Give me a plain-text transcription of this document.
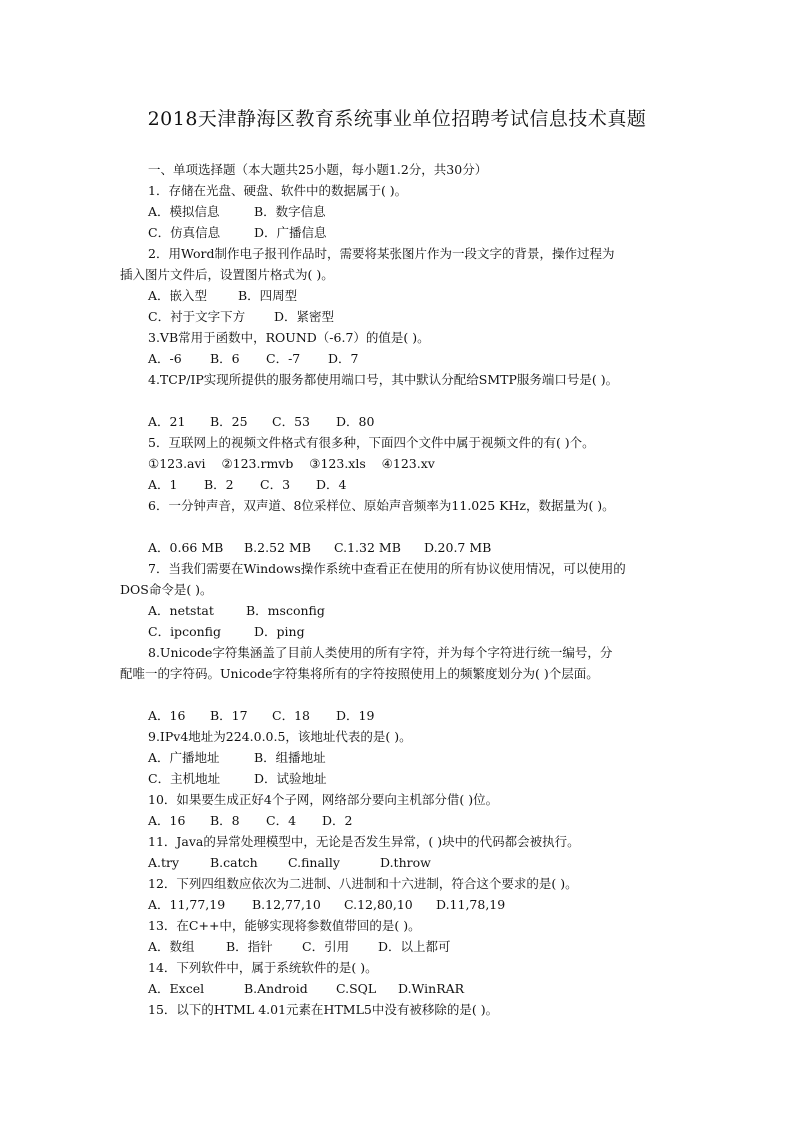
2018天津静海区教育系统事业单位招聘考试信息技术真题
一、单项选择题（本大题共25小题，每小题1.2分，共30分）
1．存储在光盘、硬盘、软件中的数据属于( )。
A．模拟信息	B．数字信息
C．仿真信息	D．广播信息
2．用Word制作电子报刊作品时，需要将某张图片作为一段文字的背景，操作过程为
插入图片文件后，设置图片格式为( )。
A．嵌入型 B．四周型
C．衬于文字下方 D．紧密型
3.VB常用于函数中，ROUND（-6.7）的值是( )。
A．-6 B．6 C．-7 D．7
4.TCP/IP实现所提供的服务都使用端口号，其中默认分配给SMTP服务端口号是( )。
A．21 B．25 C．53 D．80
5．互联网上的视频文件格式有很多种，下面四个文件中属于视频文件的有( )个。
①123.avi    ②123.rmvb    ③123.xls    ④123.xv
A．1 B．2 C．3 D．4
6．一分钟声音，双声道、8位采样位、原始声音频率为11.025 KHz，数据量为( )。
A．0.66 MB B.2.52 MB C.1.32 MB D.20.7 MB
7．当我们需要在Windows操作系统中查看正在使用的所有协议使用情况，可以使用的
DOS命令是( )。
A．netstat	B．msconfig
C．ipconfig	D．ping
8.Unicode字符集涵盖了目前人类使用的所有字符，并为每个字符进行统一编号，分
配唯一的字符码。Unicode字符集将所有的字符按照使用上的频繁度划分为( )个层面。
A．16 B．17 C．18 D．19
9.IPv4地址为224.0.0.5，该地址代表的是( )。
A．广播地址	B．组播地址
C．主机地址	D．试验地址
10．如果要生成正好4个子网，网络部分要向主机部分借( )位。
A．16 B．8 C．4 D．2
11．Java的异常处理模型中，无论是否发生异常，( )块中的代码都会被执行。
A.try B.catch C.finally	D.throw
12．下列四组数应依次为二进制、八进制和十六进制，符合这个要求的是( )。
A．11,77,19 B.12,77,10 C.12,80,10 D.11,78,19
13．在C++中，能够实现将参数值带回的是( )。
A．数组	B．指针 C．引用 D．以上都可
14．下列软件中，属于系统软件的是( )。
A．Excel	B.Android C.SQL D.WinRAR
15．以下的HTML 4.01元素在HTML5中没有被移除的是( )。
